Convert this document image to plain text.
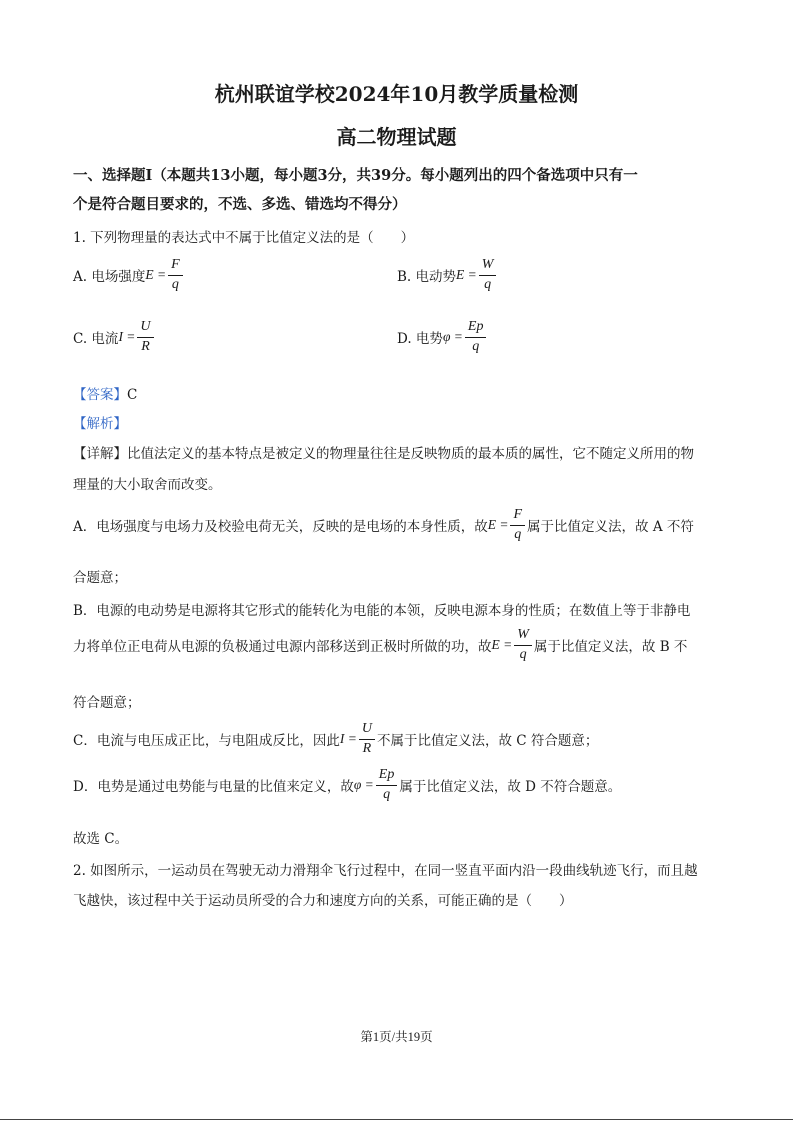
杭州联谊学校2024年10月教学质量检测
高二物理试题
一、选择题Ⅰ（本题共13小题，每小题3分，共39分。每小题列出的四个备选项中只有一
个是符合题目要求的，不选、多选、错选均不得分）
1. 下列物理量的表达式中不属于比值定义法的是（　　）
A. 电场强度 $E = \frac{F}{q}$	B. 电动势 $E = \frac{W}{q}$
C. 电流 $I = \frac{U}{R}$	D. 电势 $\varphi = \frac{Ep}{q}$
【答案】C
【解析】
【详解】比值法定义的基本特点是被定义的物理量往往是反映物质的最本质的属性，它不随定义所用的物
理量的大小取舍而改变。
A．电场强度与电场力及校验电荷无关，反映的是电场的本身性质，故 $E = \frac{F}{q}$ 属于比值定义法，故 A 不符
合题意；
B．电源的电动势是电源将其它形式的能转化为电能的本领，反映电源本身的性质；在数值上等于非静电
力将单位正电荷从电源的负极通过电源内部移送到正极时所做的功，故 $E = \frac{W}{q}$ 属于比值定义法，故 B 不
符合题意；
C．电流与电压成正比，与电阻成反比，因此 $I = \frac{U}{R}$ 不属于比值定义法，故 C 符合题意；
D．电势是通过电势能与电量的比值来定义，故 $\varphi = \frac{Ep}{q}$ 属于比值定义法，故 D 不符合题意。
故选 C。
2. 如图所示，一运动员在驾驶无动力滑翔伞飞行过程中，在同一竖直平面内沿一段曲线轨迹飞行，而且越
飞越快，该过程中关于运动员所受的合力和速度方向的关系，可能正确的是（　　）
第1页/共19页
